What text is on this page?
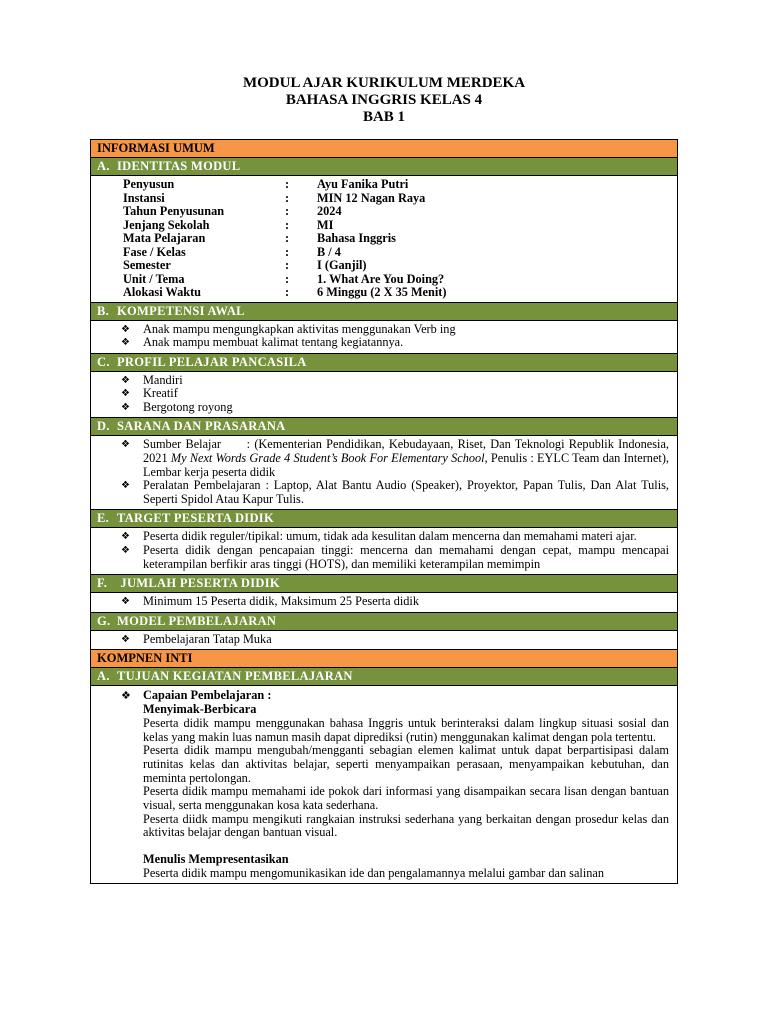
MODUL AJAR KURIKULUM MERDEKA
BAHASA INGGRIS KELAS 4
BAB 1
INFORMASI UMUM
A. IDENTITAS MODUL
Penyusun	:	Ayu Fanika Putri
Instansi	:	MIN 12 Nagan Raya
Tahun Penyusunan	:	2024
Jenjang Sekolah	:	MI
Mata Pelajaran	:	Bahasa Inggris
Fase / Kelas	:	B / 4
Semester	:	I (Ganjil)
Unit / Tema	:	1. What Are You Doing?
Alokasi Waktu	:	6 Minggu (2 X 35 Menit)
B. KOMPETENSI AWAL
❖ Anak mampu mengungkapkan aktivitas menggunakan Verb ing
❖ Anak mampu membuat kalimat tentang kegiatannya.
C. PROFIL PELAJAR PANCASILA
❖ Mandiri
❖ Kreatif
❖ Bergotong royong
D. SARANA DAN PRASARANA
❖ Sumber Belajar      : (Kementerian Pendidikan, Kebudayaan, Riset, Dan Teknologi Republik Indonesia, 2021 My Next Words Grade 4 Student’s Book For Elementary School, Penulis : EYLC Team dan Internet), Lembar kerja peserta didik
❖ Peralatan Pembelajaran : Laptop, Alat Bantu Audio (Speaker), Proyektor, Papan Tulis, Dan Alat Tulis, Seperti Spidol Atau Kapur Tulis.
E. TARGET PESERTA DIDIK
❖ Peserta didik reguler/tipikal: umum, tidak ada kesulitan dalam mencerna dan memahami materi ajar.
❖ Peserta didik dengan pencapaian tinggi: mencerna dan memahami dengan cepat, mampu mencapai keterampilan berfikir aras tinggi (HOTS), dan memiliki keterampilan memimpin
F. JUMLAH PESERTA DIDIK
❖ Minimum 15 Peserta didik, Maksimum 25 Peserta didik
G. MODEL PEMBELAJARAN
❖ Pembelajaran Tatap Muka
KOMPNEN INTI
A. TUJUAN KEGIATAN PEMBELAJARAN
❖ Capaian Pembelajaran :
Menyimak-Berbicara
Peserta didik mampu menggunakan bahasa Inggris untuk berinteraksi dalam lingkup situasi sosial dan kelas yang makin luas namun masih dapat diprediksi (rutin) menggunakan kalimat dengan pola tertentu.
Peserta didik mampu mengubah/mengganti sebagian elemen kalimat untuk dapat berpartisipasi dalam rutinitas kelas dan aktivitas belajar, seperti menyampaikan perasaan, menyampaikan kebutuhan, dan meminta pertolongan.
Peserta didik mampu memahami ide pokok dari informasi yang disampaikan secara lisan dengan bantuan visual, serta menggunakan kosa kata sederhana.
Peserta diidk mampu mengikuti rangkaian instruksi sederhana yang berkaitan dengan prosedur kelas dan aktivitas belajar dengan bantuan visual.
Menulis Mempresentasikan
Peserta didik mampu mengomunikasikan ide dan pengalamannya melalui gambar dan salinan
